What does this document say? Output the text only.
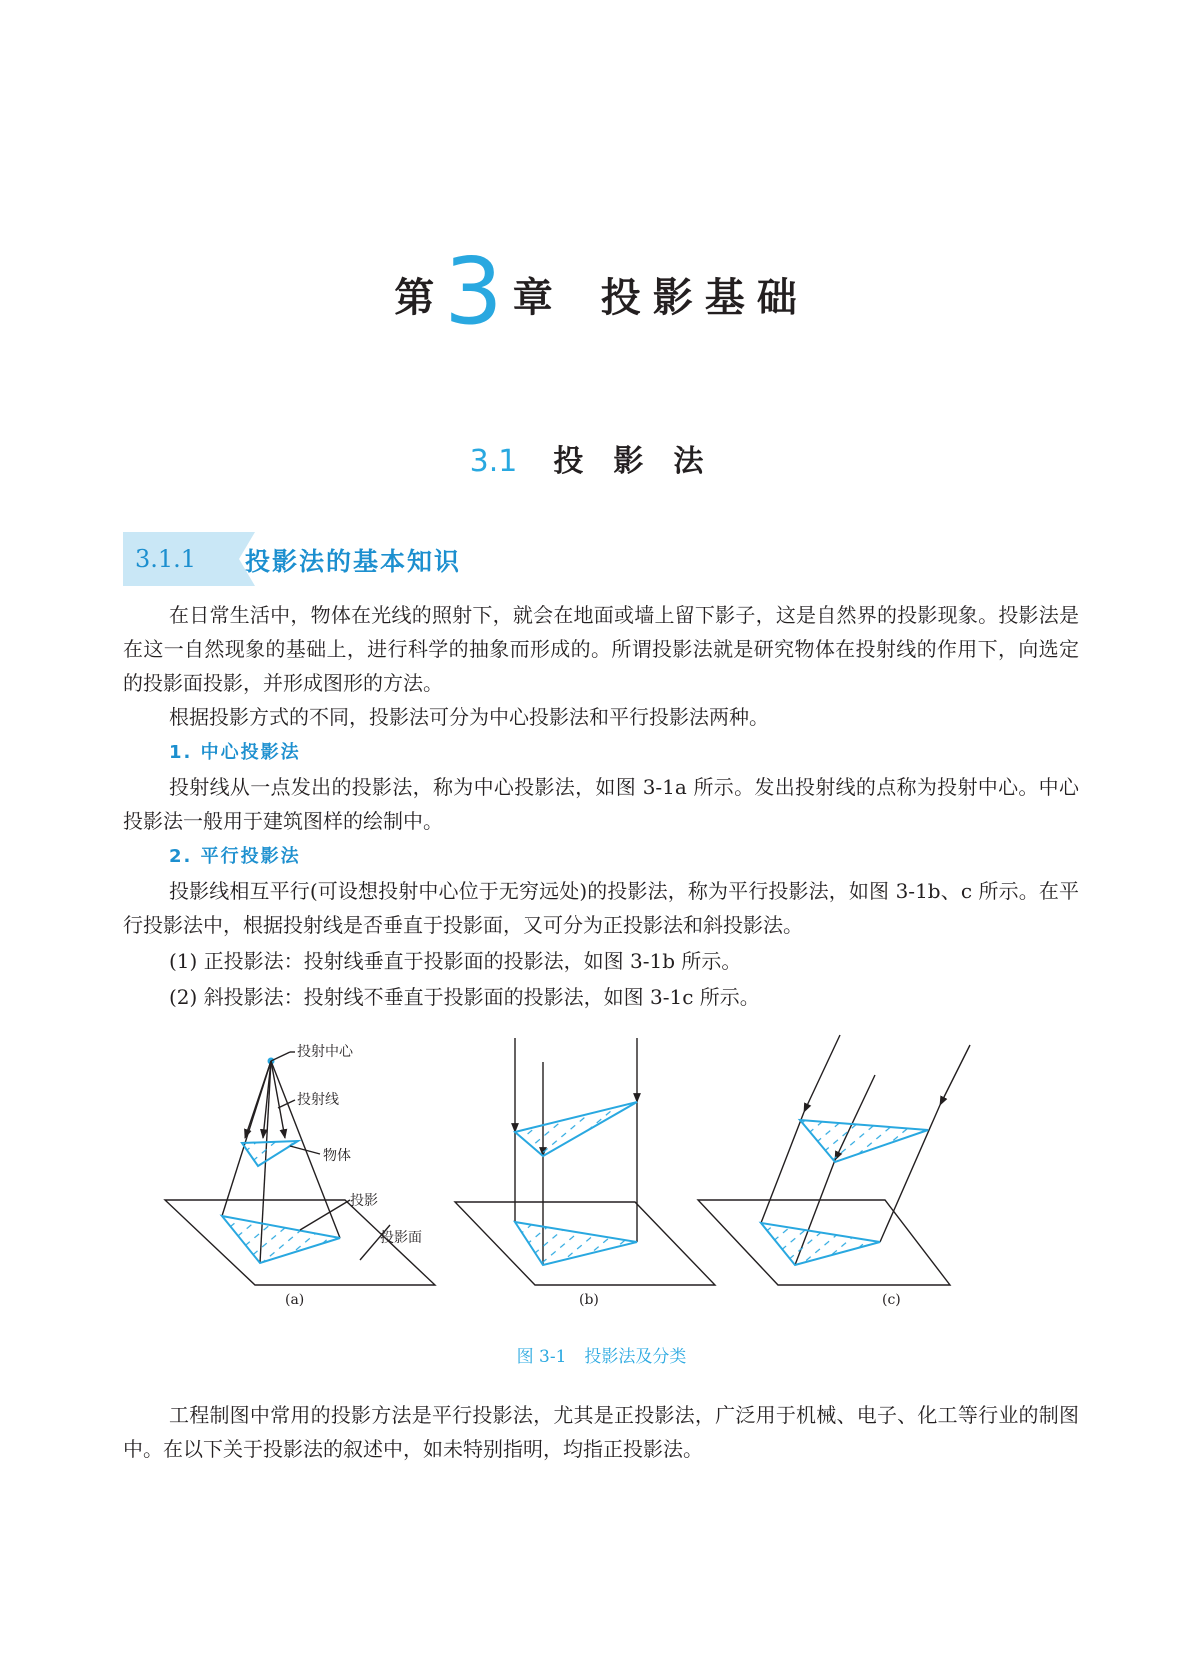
第3 章 投影基础
3.1 投影法
3.1.1	投影法的基本知识

在日常生活中，物体在光线的照射下，就会在地面或墙上留下影子，这是自然界的投影现象。投影法是在这一自然现象的基础上，进行科学的抽象而形成的。所谓投影法就是研究物体在投射线的作用下，向选定的投影面投影，并形成图形的方法。

根据投影方式的不同，投影法可分为中心投影法和平行投影法两种。

1. 中心投影法

投射线从一点发出的投影法，称为中心投影法，如图 3-1a 所示。发出投射线的点称为投射中心。中心投影法一般用于建筑图样的绘制中。

2. 平行投影法

投影线相互平行(可设想投射中心位于无穷远处)的投影法，称为平行投影法，如图 3-1b、c 所示。在平行投影法中，根据投射线是否垂直于投影面，又可分为正投影法和斜投影法。

(1) 正投影法：投射线垂直于投影面的投影法，如图 3-1b 所示。

(2) 斜投影法：投射线不垂直于投影面的投影法，如图 3-1c 所示。

投射中心
投射线
物体
投影
投影面
(a)	(b)	(c)
图 3-1 投影法及分类

工程制图中常用的投影方法是平行投影法，尤其是正投影法，广泛用于机械、电子、化工等行业的制图中。在以下关于投影法的叙述中，如未特别指明，均指正投影法。
